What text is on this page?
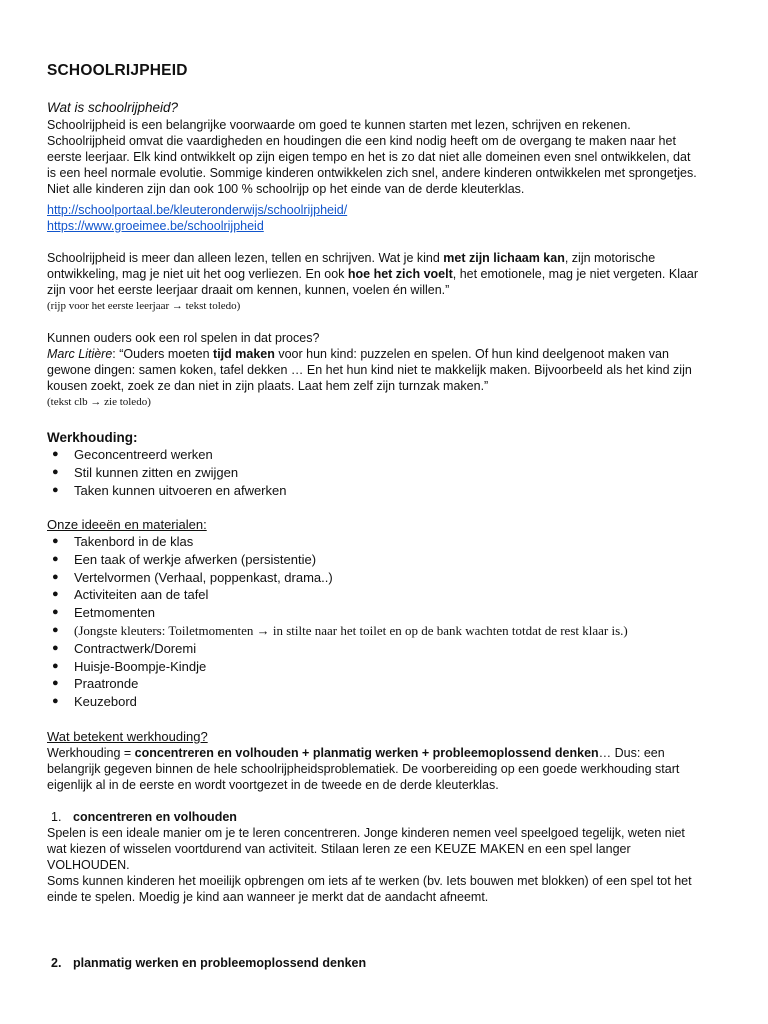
SCHOOLRIJPHEID
Wat is schoolrijpheid?
Schoolrijpheid is een belangrijke voorwaarde om goed te kunnen starten met lezen, schrijven en rekenen.
Schoolrijpheid omvat die vaardigheden en houdingen die een kind nodig heeft om de overgang te maken naar het
eerste leerjaar. Elk kind ontwikkelt op zijn eigen tempo en het is zo dat niet alle domeinen even snel ontwikkelen, dat
is een heel normale evolutie. Sommige kinderen ontwikkelen zich snel, andere kinderen ontwikkelen met sprongetjes.
Niet alle kinderen zijn dan ook 100 % schoolrijp op het einde van de derde kleuterklas.
http://schoolportaal.be/kleuteronderwijs/schoolrijpheid/
https://www.groeimee.be/schoolrijpheid
Schoolrijpheid is meer dan alleen lezen, tellen en schrijven. Wat je kind met zijn lichaam kan, zijn motorische
ontwikkeling, mag je niet uit het oog verliezen. En ook hoe het zich voelt, het emotionele, mag je niet vergeten. Klaar
zijn voor het eerste leerjaar draait om kennen, kunnen, voelen én willen.”
(rijp voor het eerste leerjaar → tekst toledo)
Kunnen ouders ook een rol spelen in dat proces?
Marc Litière: “Ouders moeten tijd maken voor hun kind: puzzelen en spelen. Of hun kind deelgenoot maken van
gewone dingen: samen koken, tafel dekken … En het hun kind niet te makkelijk maken. Bijvoorbeeld als het kind zijn
kousen zoekt, zoek ze dan niet in zijn plaats. Laat hem zelf zijn turnzak maken.”
(tekst clb → zie toledo)
Werkhouding:
● Geconcentreerd werken
● Stil kunnen zitten en zwijgen
● Taken kunnen uitvoeren en afwerken
Onze ideeën en materialen:
● Takenbord in de klas
● Een taak of werkje afwerken (persistentie)
● Vertelvormen (Verhaal, poppenkast, drama..)
● Activiteiten aan de tafel
● Eetmomenten
● (Jongste kleuters: Toiletmomenten → in stilte naar het toilet en op de bank wachten totdat de rest klaar is.)
● Contractwerk/Doremi
● Huisje-Boompje-Kindje
● Praatronde
● Keuzebord
Wat betekent werkhouding?
Werkhouding = concentreren en volhouden + planmatig werken + probleemoplossend denken… Dus: een
belangrijk gegeven binnen de hele schoolrijpheidsproblematiek. De voorbereiding op een goede werkhouding start
eigenlijk al in de eerste en wordt voortgezet in de tweede en de derde kleuterklas.
1. concentreren en volhouden
Spelen is een ideale manier om je te leren concentreren. Jonge kinderen nemen veel speelgoed tegelijk, weten niet
wat kiezen of wisselen voortdurend van activiteit. Stilaan leren ze een KEUZE MAKEN en een spel langer
VOLHOUDEN.
Soms kunnen kinderen het moeilijk opbrengen om iets af te werken (bv. Iets bouwen met blokken) of een spel tot het
einde te spelen. Moedig je kind aan wanneer je merkt dat de aandacht afneemt.
2. planmatig werken en probleemoplossend denken
